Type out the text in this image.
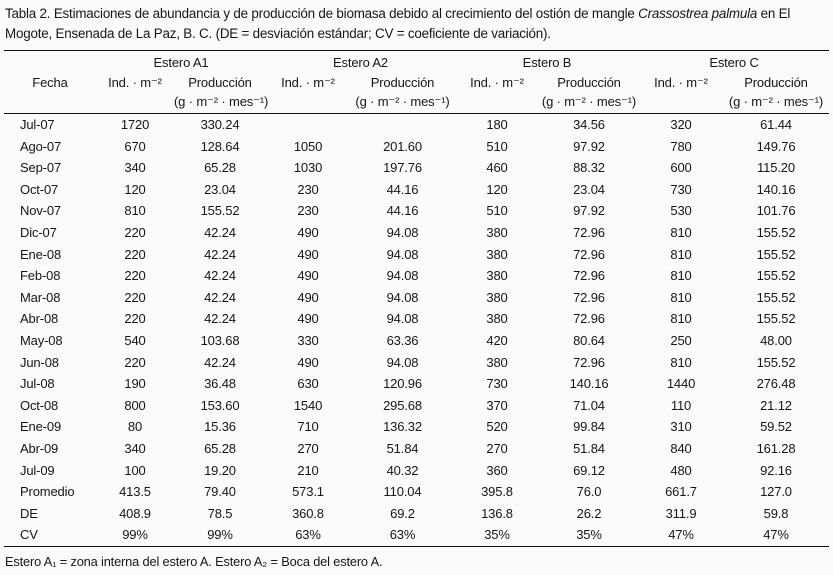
Tabla 2. Estimaciones de abundancia y de producción de biomasa debido al crecimiento del ostión de mangle Crassostrea palmula en El Mogote, Ensenada de La Paz, B. C. (DE = desviación estándar; CV = coeficiente de variación).

	Estero A1		Estero A2		Estero B		Estero C	
Fecha	Ind. · m⁻²	Producción	Ind. · m⁻²	Producción	Ind. · m⁻²	Producción	Ind. · m⁻²	Producción
		(g · m⁻² · mes⁻¹)		(g · m⁻² · mes⁻¹)		(g · m⁻² · mes⁻¹)		(g · m⁻² · mes⁻¹)
Jul-07	1720	330.24			180	34.56	320	61.44
Ago-07	670	128.64	1050	201.60	510	97.92	780	149.76
Sep-07	340	65.28	1030	197.76	460	88.32	600	115.20
Oct-07	120	23.04	230	44.16	120	23.04	730	140.16
Nov-07	810	155.52	230	44.16	510	97.92	530	101.76
Dic-07	220	42.24	490	94.08	380	72.96	810	155.52
Ene-08	220	42.24	490	94.08	380	72.96	810	155.52
Feb-08	220	42.24	490	94.08	380	72.96	810	155.52
Mar-08	220	42.24	490	94.08	380	72.96	810	155.52
Abr-08	220	42.24	490	94.08	380	72.96	810	155.52
May-08	540	103.68	330	63.36	420	80.64	250	48.00
Jun-08	220	42.24	490	94.08	380	72.96	810	155.52
Jul-08	190	36.48	630	120.96	730	140.16	1440	276.48
Oct-08	800	153.60	1540	295.68	370	71.04	110	21.12
Ene-09	80	15.36	710	136.32	520	99.84	310	59.52
Abr-09	340	65.28	270	51.84	270	51.84	840	161.28
Jul-09	100	19.20	210	40.32	360	69.12	480	92.16
Promedio	413.5	79.40	573.1	110.04	395.8	76.0	661.7	127.0
DE	408.9	78.5	360.8	69.2	136.8	26.2	311.9	59.8
CV	99%	99%	63%	63%	35%	35%	47%	47%

Estero A₁ = zona interna del estero A. Estero A₂ = Boca del estero A.
